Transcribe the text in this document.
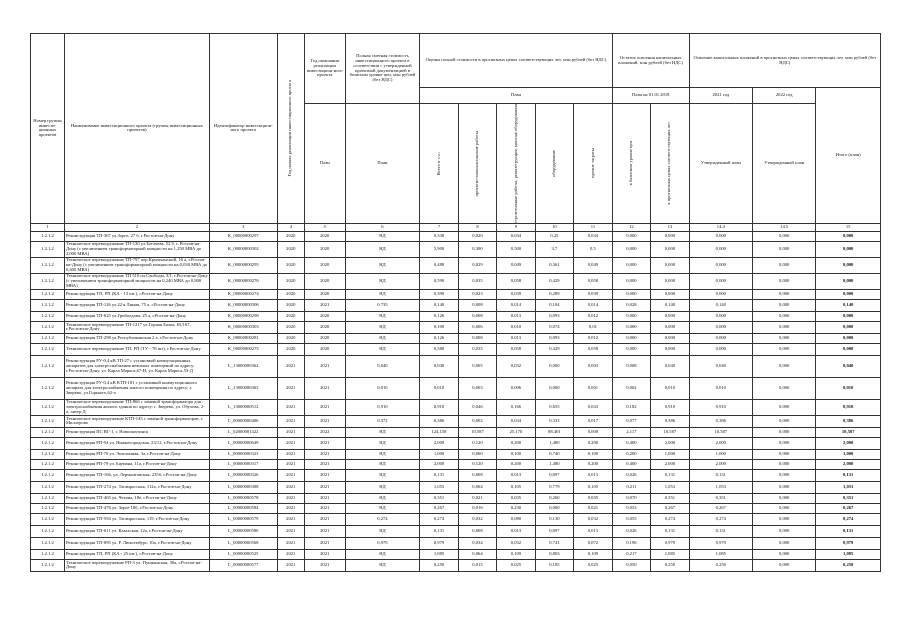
Номер группы инвести-ционных проектов	Наименование инвестиционного проекта (группы инвестиционных проектов)	Идентификатор инвестицион-ного проекта	Год начала реализации инвестиционного проекта	Год окончания реализации инвестицион-ного проекта	Полная сметная стоимость инвестиционного проекта в соответствии с утвержденной проектной документацией в базисном уровне цен, млн рублей (без НДС)	Оценка полной стоимости в прогнозных ценах соответствующих лет, млн рублей (без НДС)					Остаток освоения капитальных вложений, млн рублей (без НДС)		Освоение капитальных вложений в прогнозных ценах соответствующих лет, млн рублей (без НДС)		
						План					План на 01.01.2018		2021 год	2022 год	Итого (план)
				План	План	Всего в т.ч.:	проектно-изыскательские работы	строительные работы, реконструкция, монтаж оборудования	оборудование	прочие затраты	в базисном уровне цен	в прогнозных ценах соответствующих лет	Утвержденный план	Утвержденный план	
1	2	3	4	5	6	7	8	9	10	11	12	13	14.4	14.5	15
1.2.1.2	Реконструкция ТП-367 ул.Зорге, 27 б, г.Ростов-на-Дону	K_00000000297	2020	2020	НД	0,338	0,020	0,034	0,25	0,034	0,000	0,000	0,000	0,000	0,000
1.2.1.2	Техническое перевооружение ТП-130 ул.Богачева, 52 б, г. Ростов-на-Дону (с увеличением трансформаторной мощности на 1,250 МВА до 2,000 МВА)	K_00000000302	2020	2020	НД	5,900	0,300	0,500	3,7	0,5	0,000	0,000	0,000	0,000	0,000
1.2.1.2	Техническое перевооружение ТП-797 пер.Крымчанский, 16 а, г.Ростов-на-Дону (с увеличением трансформаторной мощности на 0,030 МВА до 0,400 МВА)	K_00000000295	2020	2020	НД	0,488	0,029	0,049	0,361	0,049	0,000	0,000	0,000	0,000	0,000
1.2.1.2	Техническое перевооружение ТП 510 пл.Свободы, 3/1, г.Ростов-на-Дону (с увеличением трансформаторной мощности на 0,240 МВА до 0,800 МВА)	K_00000000276	2020	2020	НД	0,590	0,035	0,058	0,429	0,058	0,000	0,000	0,000	0,000	0,000
1.2.1.2	Реконструкция ТП, РП (КА - 13 шт.), г.Ростов-на-Дону	K_00000000274	2020	2020	НД	0,390	0,023	0,039	0,289	0,039	0,000	0,000	0,000	0,000	0,000
1.2.1.2	Реконструкция ТП-126 ул.22 я Линия, 75 а, г.Ростов-на-Дону	K_00000000306	2020	2021	0,735	0,140	0,008	0,014	0,104	0,014	0,028	0,140	0,140	0,000	0,140
1.2.1.2	Реконструкция ТП-625 ул.Грибоедова, 25 а, г.Ростов-на-Дону	K_00000000298	2020	2020	НД	0,126	0,008	0,013	0,093	0,012	0,000	0,000	0,000	0,000	0,000
1.2.1.2	Техническое перевооружение ТП-1217 ул.Горная Балка, 65/167, г.Ростов-на-Дону	K_00000000303	2020	2020	НД	0,100	0,006	0,010	0,074	0,01	0,000	0,000	0,000	0,000	0,000
1.2.1.2	Реконструкция ТП-298 ул.Республиканская 2 а, г.Ростов-на-Дону	K_00000000281	2020	2020	НД	0,126	0,008	0,013	0,093	0,012	0,000	0,000	0,000	0,000	0,000
1.2.1.2	Техническое перевооружение ТП, РП (ТУ - 76 шт), г.Ростов-на-Дону	K_00000000275	2020	2020	НД	0,580	0,035	0,058	0,429	0,058	0,000	0,000	0,000	0,000	0,000
1.2.1.2	Реконструкция РУ-0,4 кВ ТП-27 с установкой коммутационных аппаратов для электроснабжения нежилых помещений по адресу: г.Ростов-на-Дону, ул. Карла Маркса,67-Н, ул. Карла Маркса,53-Д	L_13000000362	2021	2021	0,040	0,040	0,005	0,032	0,000	0,003	0,008	0,040	0,040	0,000	0,040
1.2.1.2	Реконструкция РУ-0,4 кВ КТП-181 с установкой коммутационного аппарата для электроснабжения жилого помещения по адресу: г. Зверево, ул.Горького,62-а	L_13000000363	2021	2021	0,010	0,010	0,003	0,006	0,000	0,001	0,002	0,010	0,010	0,000	0,010
1.2.1.2	Техническое перевооружение ТП-866 с заменой трансформатора для электроснабжения жилого здания по адресу: г. Зверево, ул. Обухова, 2-а, литер Д	L_13000000512	2021	2021	0,910	0,910	0,046	0,166	0,655	0,043	0,182	0,910	0,910	0,000	0,910
1.2.1.2	Техническое перевооружение КТП-145 с заменой трансформаторов, г. Миллерово	L_00000000406	2021	2021	0,372	0,386	0,002	0,034	0,333	0,017	0,077	0,386	0,386	0,000	0,386
1.2.1.2	Реконструкция ПС ВГ-1, г. Новошахтинск	L_02000001422	2021	2022	НД	124,158	10,587	25,170	88,401	0,000	2,117	10,587	10,587	0,000	10,587
1.2.1.2	Реконструкция РП-94 ул. Нижнегородская, 23/12, г.Ростов-на-Дону	L_00000000649	2021	2021	НД	2,000	0,120	0,200	1,480	0,200	0,400	2,000	2,000	0,000	2,000
1.2.1.2	Реконструкция РП-70 ул. Эшелонная, 3а, г.Ростов-на-Дону	L_00000000323	2021	2021	НД	1,000	0,060	0,100	0,740	0,100	0,200	1,000	1,000	0,000	1,000
1.2.1.2	Реконструкция РП-79 ул. Баумана, 11а, г.Ростов-на-Дону	L_00000000317	2021	2021	НД	2,000	0,120	0,200	1,480	0,200	0,400	2,000	2,000	0,000	2,000
1.2.1.2	Реконструкция ТП-166, ул. Лермонтовская, 235б, г.Ростов-на-Дону	L_00000000326	2021	2021	НД	0,131	0,008	0,013	0,097	0,013	0,026	0,131	0,131	0,000	0,131
1.2.1.2	Реконструкция ТП-274 ул. Таганрогская, 112а, г.Ростов-на-Дону	L_00000000308	2021	2021	НД	1,053	0,064	0,105	0,779	0,105	0,211	1,053	1,053	0,000	1,053
1.2.1.2	Реконструкция ТП-465 ул. Чехова, 18е, г.Ростов-на-Дону	L_00000000578	2021	2021	НД	0,351	0,021	0,035	0,260	0,035	0,070	0,351	0,351	0,000	0,351
1.2.1.2	Реконструкция ТП-476 ул. Зорге 18б, г.Ростов-на-Дону	L_00000000584	2021	2021	НД	0,267	0,016	0,230	0,000	0,021	0,053	0,267	0,267	0,000	0,267
1.2.1.2	Реконструкция ТП-594 ул. Таганрогская, 119, г.Ростов-на-Дону	L_00000000579	2021	2021	0,274	0,274	0,032	0,080	0,130	0,032	0,055	0,274	0,274	0,000	0,274
1.2.1.2	Реконструкция ТП-611 ул. Казахская, 12а, г.Ростов-на-Дону	L_00000000580	2021	2021	НД	0,131	0,008	0,013	0,097	0,013	0,026	0,131	0,131	0,000	0,131
1.2.1.2	Реконструкция ТП-895 ул. Р. Люксембург, 10а, г.Ростов-на-Дону	L_00000000568	2021	2021	0,979	0,979	0,034	0,032	0,741	0,072	0,196	0,979	0,979	0,000	0,979
1.2.1.2	Реконструкция ТП, РП (КА - 25 шт.), г.Ростов-на-Дону	L_00000000525	2021	2021	НД	1,085	0,064	0,109	0,803	0,109	0,217	1,085	1,085	0,000	1,085
1.2.1.2	Техническое перевооружение РП-3 ул. Пушкинская, 30а, г.Ростов-на-Дону	L_00000000577	2021	2021	НД	0,250	0,015	0,025	0,185	0,025	0,050	0,250	0,250	0,000	0,250
